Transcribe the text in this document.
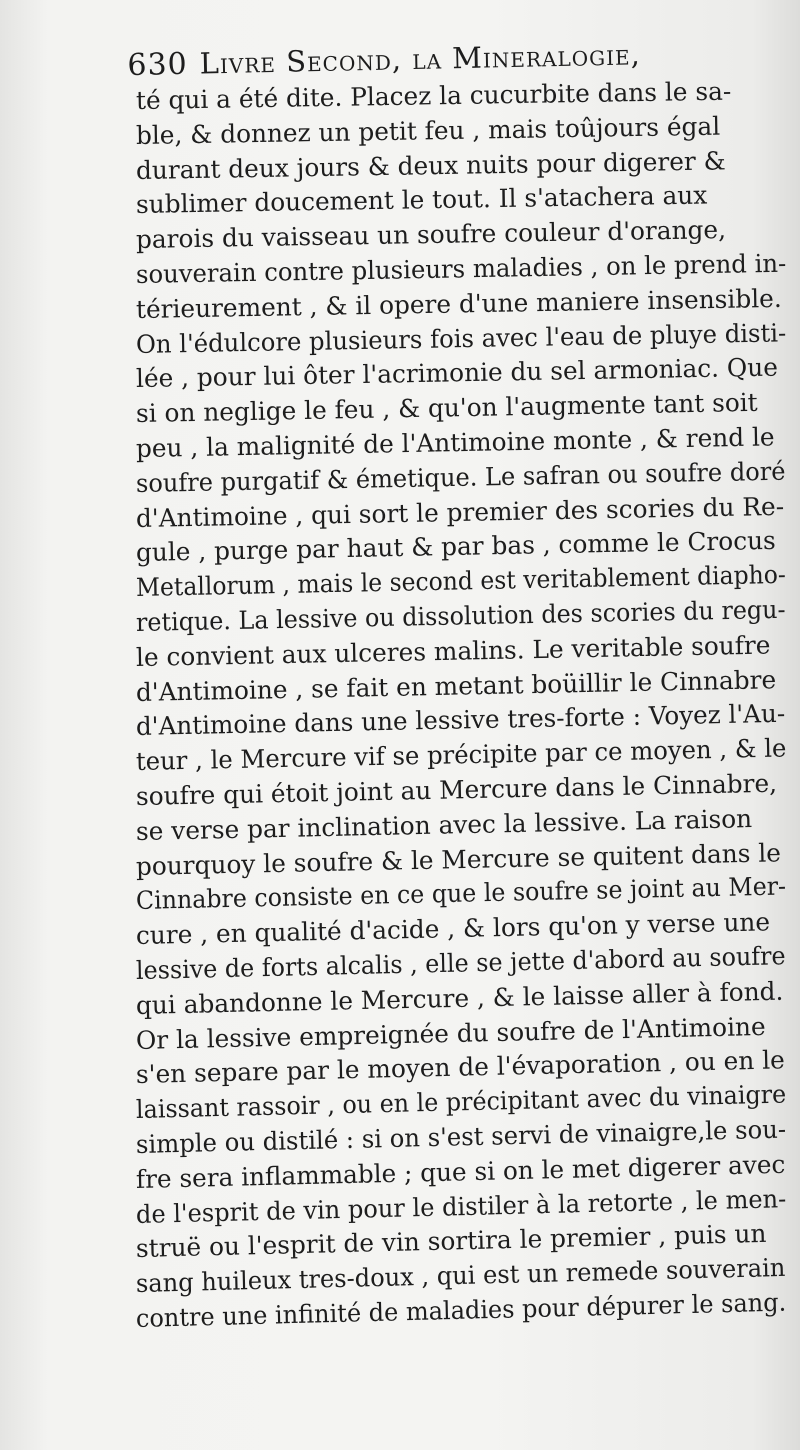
630 Livre Second, la Mineralogie,
té qui a été dite. Placez la cucurbite dans le sa-
ble, & donnez un petit feu , mais toûjours égal
durant deux jours & deux nuits pour digerer &
sublimer doucement le tout. Il s'atachera aux
parois du vaisseau un soufre couleur d'orange,
souverain contre plusieurs maladies , on le prend in-
térieurement , & il opere d'une maniere insensible.
On l'édulcore plusieurs fois avec l'eau de pluye disti-
lée , pour lui ôter l'acrimonie du sel armoniac. Que
si on neglige le feu , & qu'on l'augmente tant soit
peu , la malignité de l'Antimoine monte , & rend le
soufre purgatif & émetique. Le safran ou soufre doré
d'Antimoine , qui sort le premier des scories du Re-
gule , purge par haut & par bas , comme le Crocus
Metallorum , mais le second est veritablement diapho-
retique. La lessive ou dissolution des scories du regu-
le convient aux ulceres malins. Le veritable soufre
d'Antimoine , se fait en metant boüillir le Cinnabre
d'Antimoine dans une lessive tres-forte : Voyez l'Au-
teur , le Mercure vif se précipite par ce moyen , & le
soufre qui étoit joint au Mercure dans le Cinnabre,
se verse par inclination avec la lessive. La raison
pourquoy le soufre & le Mercure se quitent dans le
Cinnabre consiste en ce que le soufre se joint au Mer-
cure , en qualité d'acide , & lors qu'on y verse une
lessive de forts alcalis , elle se jette d'abord au soufre
qui abandonne le Mercure , & le laisse aller à fond.
Or la lessive empreignée du soufre de l'Antimoine
s'en separe par le moyen de l'évaporation , ou en le
laissant rassoir , ou en le précipitant avec du vinaigre
simple ou distilé : si on s'est servi de vinaigre,le sou-
fre sera inflammable ; que si on le met digerer avec
de l'esprit de vin pour le distiler à la retorte , le men-
struë ou l'esprit de vin sortira le premier , puis un
sang huileux tres-doux , qui est un remede souverain
contre une infinité de maladies pour dépurer le sang.
